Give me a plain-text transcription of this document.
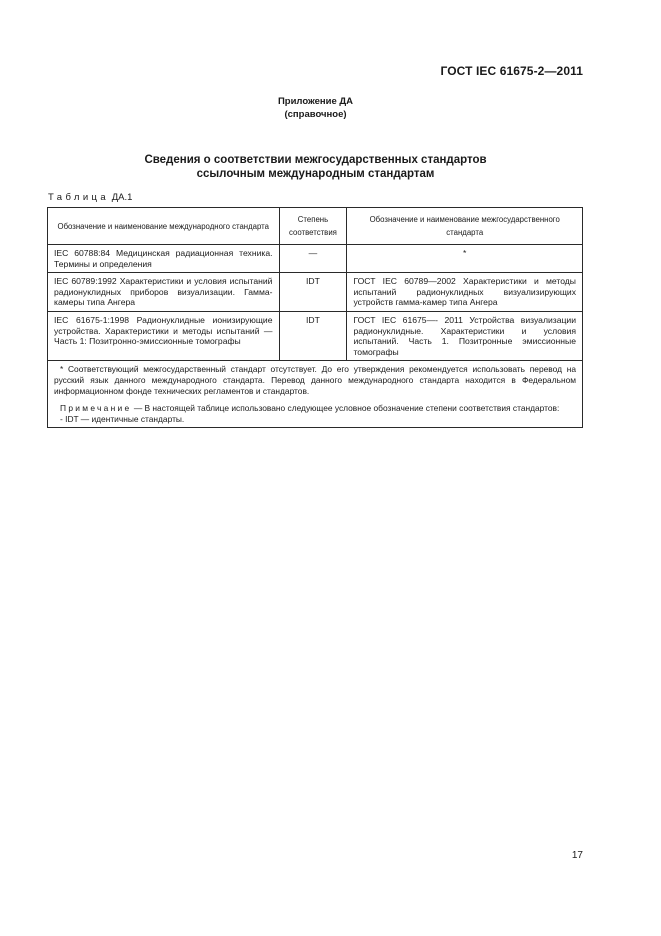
ГОСТ IEC 61675-2—2011
Приложение ДА
(справочное)
Сведения о соответствии межгосударственных стандартов
ссылочным международным стандартам
Таблица ДА.1
Обозначение и наименование международного стандарта	Степень соответствия	Обозначение и наименование межгосударственного стандарта
IEC 60788:84 Медицинская радиационная техника. Термины и определения	—	*
IEC 60789:1992 Характеристики и условия испытаний радионуклидных приборов визуализации. Гамма-камеры типа Ангера	IDT	ГОСТ IEC 60789—2002 Характеристики и методы испытаний радионуклидных визуализирующих устройств гамма-камер типа Ангера
IEC 61675-1:1998 Радионуклидные ионизирующие устройства. Характеристики и методы испытаний — Часть 1: Позитронно-эмиссионные томографы	IDT	ГОСТ IEC 61675—- 2011 Устройства визуализации радионуклидные. Характеристики и условия испытаний. Часть 1. Позитронные эмиссионные томографы

* Соответствующий межгосударственный стандарт отсутствует. До его утверждения рекомендуется использовать перевод на русский язык данного международного стандарта. Перевод данного международного стандарта находится в Федеральном информационном фонде технических регламентов и стандартов.

Примечание — В настоящей таблице использовано следующее условное обозначение степени соответствия стандартов:

- IDT — идентичные стандарты.		

17
